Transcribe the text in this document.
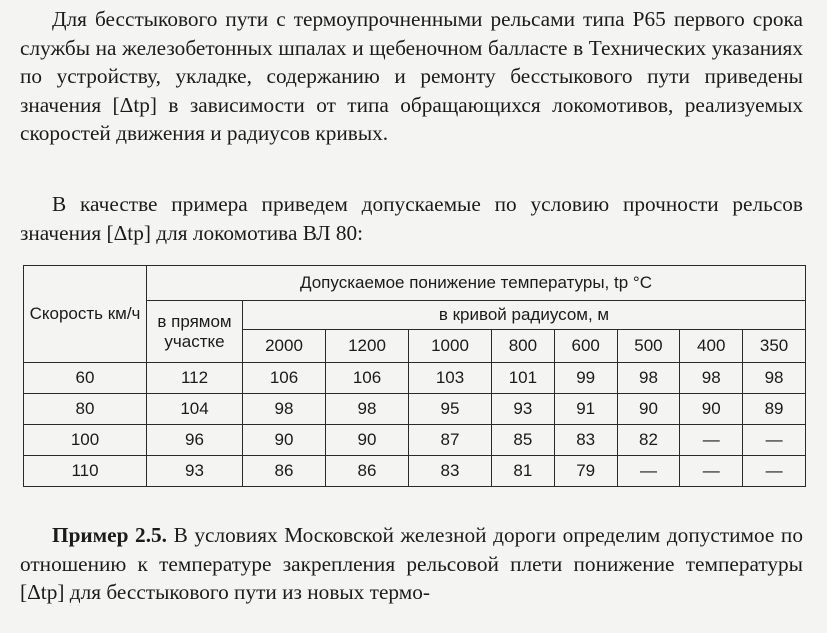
Для бесстыкового пути с термоупрочненными рельсами типа Р65 первого срока службы на железобетонных шпалах и щебеночном балласте в Технических указаниях по устройству, укладке, содержанию и ремонту бесстыкового пути приведены значения [Δtр] в зависимости от типа обращающихся локомотивов, реализуемых скоростей движения и радиусов кривых.

В качестве примера приведем допускаемые по условию прочности рельсов значения [Δtр] для локомотива ВЛ 80:

Скорость км/ч	Допускаемое понижение температуры, tр °С								
	в прямом участке	в кривой радиусом, м							
		2000	1200	1000	800	600	500	400	350
60	112	106	106	103	101	99	98	98	98
80	104	98	98	95	93	91	90	90	89
100	96	90	90	87	85	83	82	—	—
110	93	86	86	83	81	79	—	—	—

Пример 2.5. В условиях Московской железной дороги определим допустимое по отношению к температуре закрепления рельсовой плети понижение температуры [Δtр] для бесстыкового пути из новых термо-
